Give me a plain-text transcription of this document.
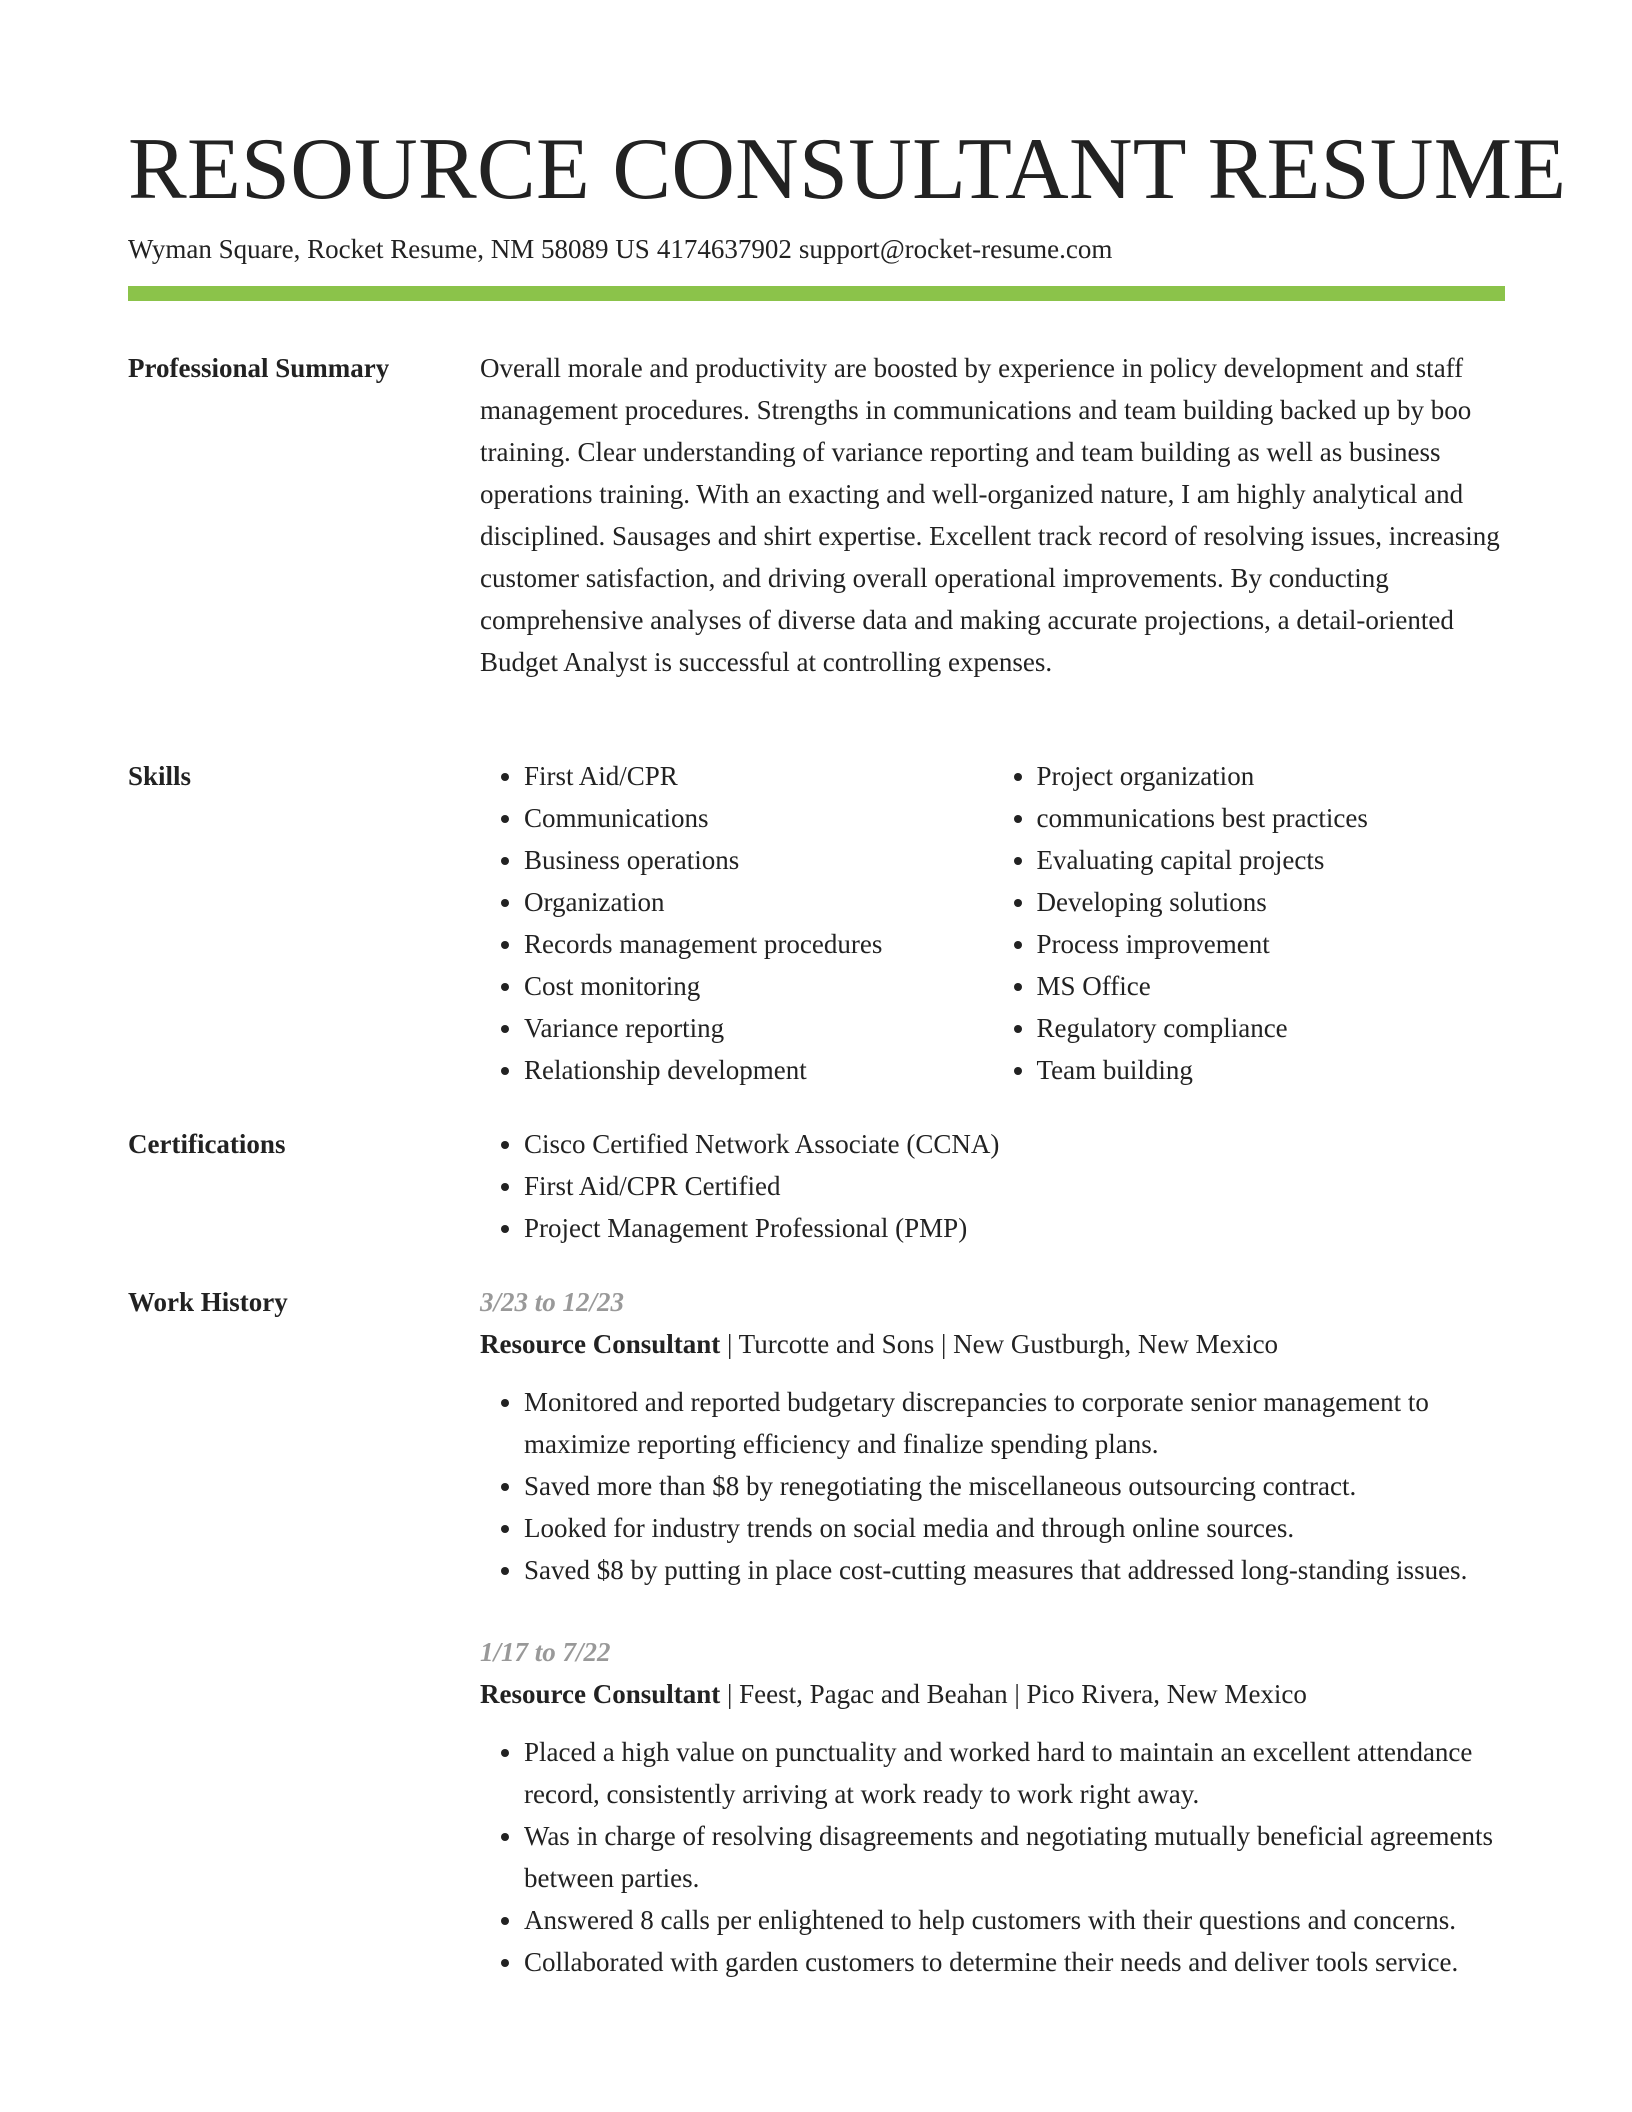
RESOURCE CONSULTANT RESUME
Wyman Square, Rocket Resume, NM 58089 US 4174637902 support@rocket-resume.com
Professional Summary	Overall morale and productivity are boosted by experience in policy development and staff management procedures. Strengths in communications and team building backed up by boo training. Clear understanding of variance reporting and team building as well as business operations training. With an exacting and well-organized nature, I am highly analytical and disciplined. Sausages and shirt expertise. Excellent track record of resolving issues, increasing customer satisfaction, and driving overall operational improvements. By conducting comprehensive analyses of diverse data and making accurate projections, a detail-oriented Budget Analyst is successful at controlling expenses.

Skills	• First Aid/CPR
• Communications
• Business operations
• Organization
• Records management procedures
• Cost monitoring
• Variance reporting
• Relationship development
• Project organization
• communications best practices
• Evaluating capital projects
• Developing solutions
• Process improvement
• MS Office
• Regulatory compliance
• Team building
Certifications	• Cisco Certified Network Associate (CCNA)
• First Aid/CPR Certified
• Project Management Professional (PMP)
Work History	3/23 to 12/23
Resource Consultant | Turcotte and Sons | New Gustburgh, New Mexico
• Monitored and reported budgetary discrepancies to corporate senior management to maximize reporting efficiency and finalize spending plans.
• Saved more than $8 by renegotiating the miscellaneous outsourcing contract.
• Looked for industry trends on social media and through online sources.
• Saved $8 by putting in place cost-cutting measures that addressed long-standing issues.
1/17 to 7/22
Resource Consultant | Feest, Pagac and Beahan | Pico Rivera, New Mexico
• Placed a high value on punctuality and worked hard to maintain an excellent attendance record, consistently arriving at work ready to work right away.
• Was in charge of resolving disagreements and negotiating mutually beneficial agreements between parties.
• Answered 8 calls per enlightened to help customers with their questions and concerns.
• Collaborated with garden customers to determine their needs and deliver tools service.
